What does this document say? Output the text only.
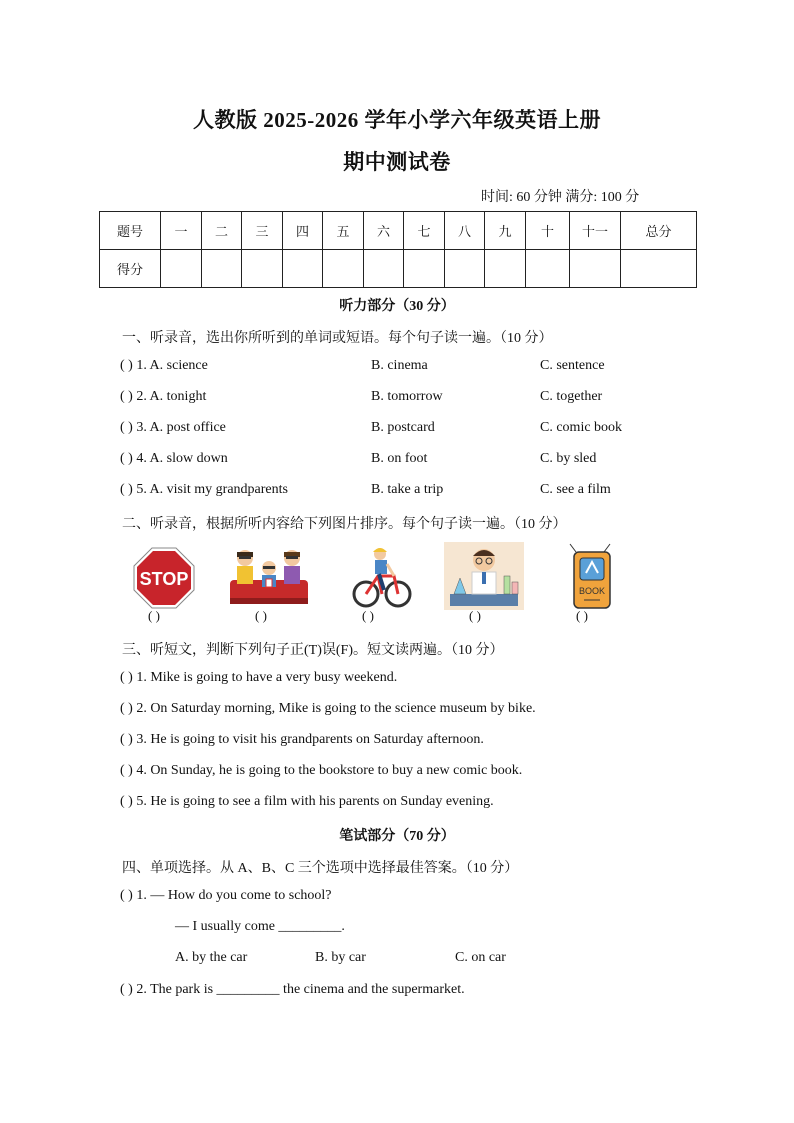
人教版 2025-2026 学年小学六年级英语上册
期中测试卷
时间: 60 分钟 满分: 100 分
题号	一	二	三	四	五	六	七	八	九	十	十一	总分
得分												
听力部分（30 分）
一、听录音，选出你所听到的单词或短语。每个句子读一遍。（10 分）
( ) 1. A. science	B. cinema	C. sentence
( ) 2. A. tonight	B. tomorrow	C. together
( ) 3. A. post office	B. postcard	C. comic book
( ) 4. A. slow down	B. on foot	C. by sled
( ) 5. A. visit my grandparents	B. take a trip	C. see a film
二、听录音，根据所听内容给下列图片排序。每个句子读一遍。（10 分）
STOP
( )	( )	( )	( )
BOOK
( )
三、听短文，判断下列句子正(T)误(F)。短文读两遍。（10 分）
( ) 1. Mike is going to have a very busy weekend.
( ) 2. On Saturday morning, Mike is going to the science museum by bike.
( ) 3. He is going to visit his grandparents on Saturday afternoon.
( ) 4. On Sunday, he is going to the bookstore to buy a new comic book.
( ) 5. He is going to see a film with his parents on Sunday evening.
笔试部分（70 分）
四、单项选择。从 A、B、C 三个选项中选择最佳答案。（10 分）
( ) 1. — How do you come to school?
— I usually come _________.
A. by the car	B. by car	C. on car
( ) 2. The park is _________ the cinema and the supermarket.
